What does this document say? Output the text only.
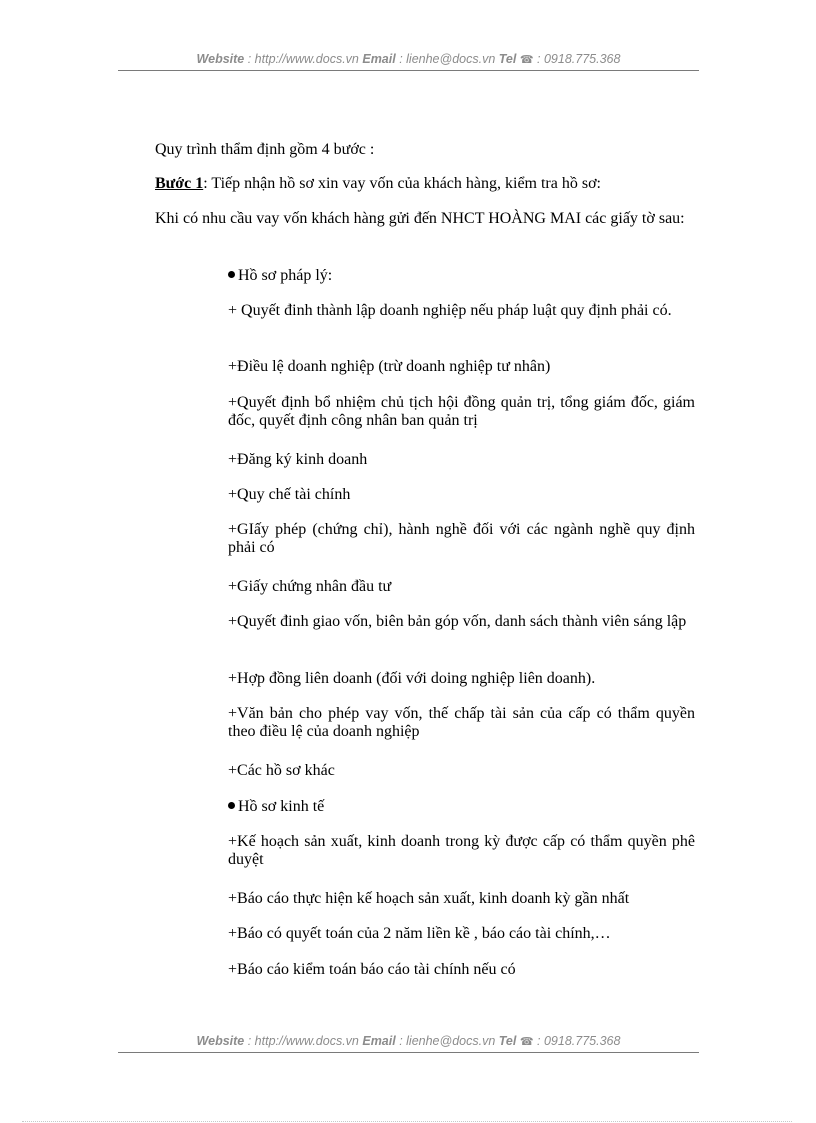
Website : http://www.docs.vn Email : lienhe@docs.vn Tel ☎ : 0918.775.368

Quy trình thẩm định gồm 4 bước :

Bước 1: Tiếp nhận hồ sơ xin vay vốn của khách hàng, kiểm tra hồ sơ:

Khi có nhu cầu vay vốn khách hàng gửi đến NHCT HOÀNG MAI các giấy tờ sau:

Hồ sơ pháp lý:

+ Quyết đinh thành lập doanh nghiệp nếu pháp luật quy định phải có.

+Điều lệ doanh nghiệp (trừ doanh nghiệp tư nhân)

+Quyết định bổ nhiệm chủ tịch hội đồng quản trị, tổng giám đốc, giám đốc, quyết định công nhân ban quản trị

+Đăng ký kinh doanh

+Quy chế tài chính

+GIấy phép (chứng chỉ), hành nghề đối với các ngành nghề quy định phải có

+Giấy chứng nhân đầu tư

+Quyết đinh giao vốn, biên bản góp vốn, danh sách thành viên sáng lập

+Hợp đồng liên doanh (đối với doing nghiệp liên doanh).

+Văn bản cho phép vay vốn, thế chấp tài sản của cấp có thẩm quyền theo điều lệ của doanh nghiệp

+Các hồ sơ khác

Hồ sơ kinh tế

+Kế hoạch sản xuất, kinh doanh trong kỳ được cấp có thẩm quyền phê duyệt

+Báo cáo thực hiện kế hoạch sản xuất, kinh doanh kỳ gần nhất

+Báo có quyết toán của 2 năm liền kề , báo cáo tài chính,…

+Báo cáo kiểm toán báo cáo tài chính nếu có

Website : http://www.docs.vn Email : lienhe@docs.vn Tel ☎ : 0918.775.368
